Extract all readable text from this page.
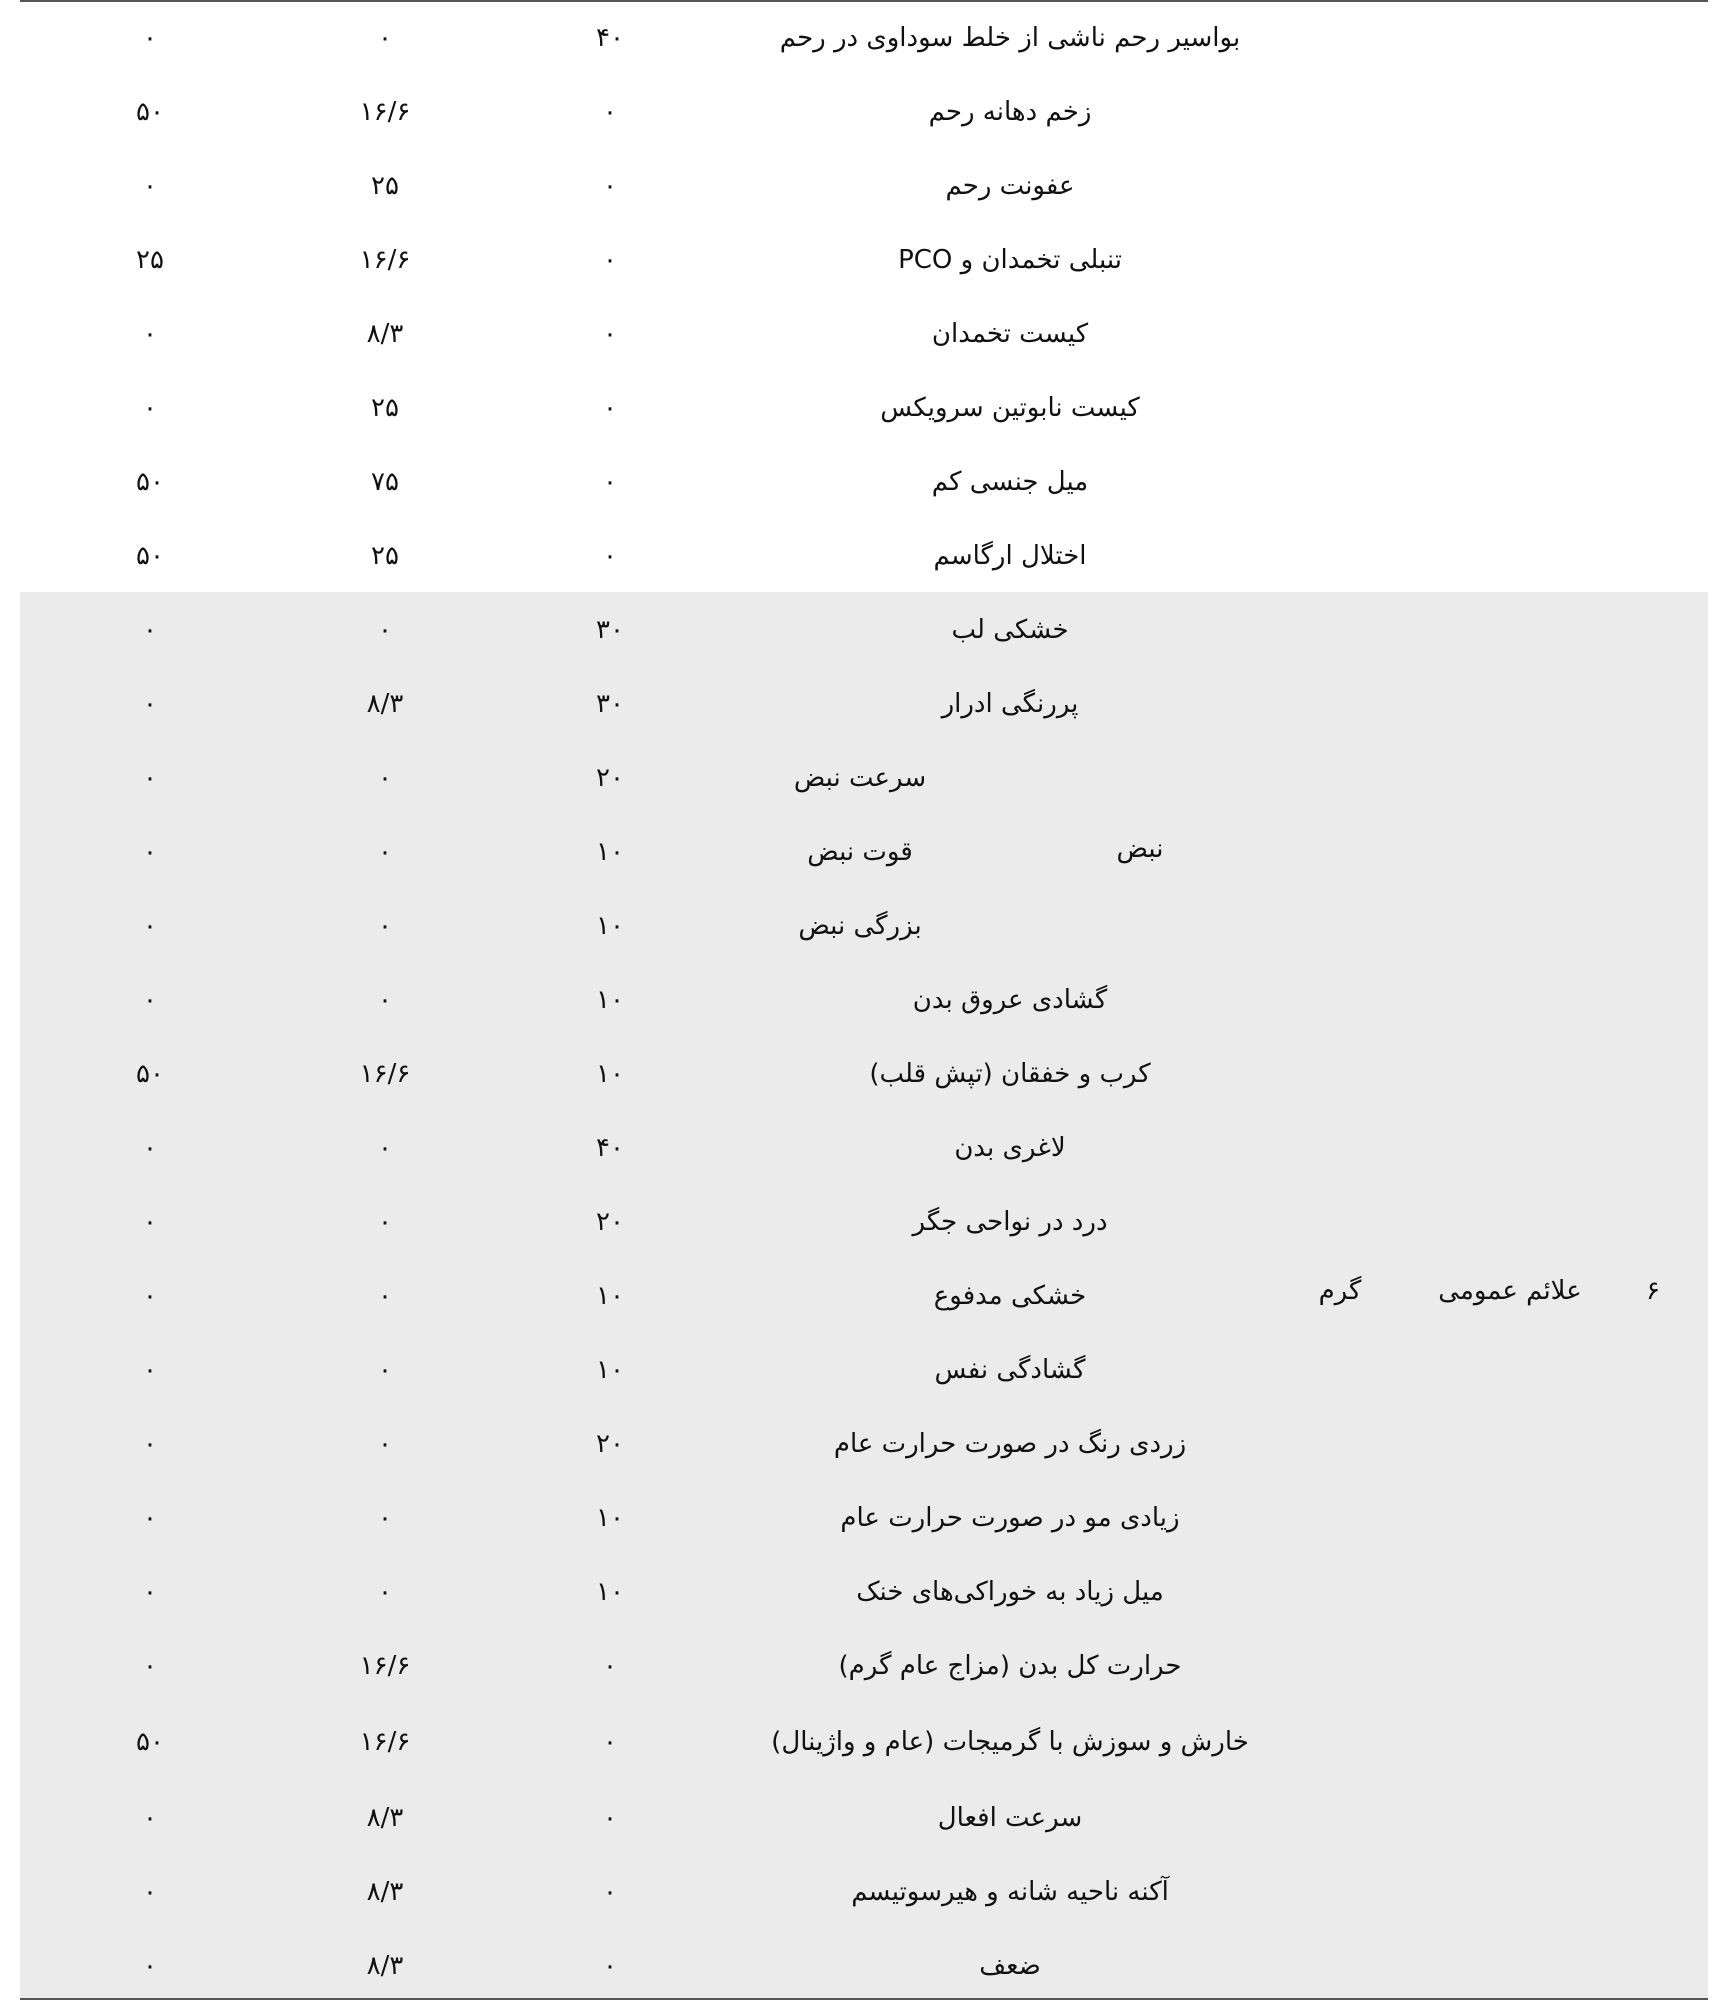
بواسیر رحم ناشی از خلط سوداوی در رحم
۴۰
۰
۰
زخم دهانه رحم
۰
۱۶/۶
۵۰
عفونت رحم
۰
۲۵
۰
تنبلی تخمدان و PCO
۰
۱۶/۶
۲۵
کیست تخمدان
۰
۸/۳
۰
کیست نابوتین سرویکس
۰
۲۵
۰
میل جنسی کم
۰
۷۵
۵۰
اختلال ارگاسم
۰
۲۵
۵۰
خشکی لب
۳۰
۰
۰
پررنگی ادرار
۳۰
۸/۳
۰
سرعت نبض
۲۰
۰
۰
قوت نبض
۱۰
۰
۰
بزرگی نبض
۱۰
۰
۰
گشادی عروق بدن
۱۰
۰
۰
کرب و خفقان (تپش قلب)
۱۰
۱۶/۶
۵۰
لاغری بدن
۴۰
۰
۰
درد در نواحی جگر
۲۰
۰
۰
خشکی مدفوع
۱۰
۰
۰
گشادگی نفس
۱۰
۰
۰
زردی رنگ در صورت حرارت عام
۲۰
۰
۰
زیادی مو در صورت حرارت عام
۱۰
۰
۰
میل زیاد به خوراکی‌های خنک
۱۰
۰
۰
حرارت کل بدن (مزاج عام گرم)
۰
۱۶/۶
۰
خارش و سوزش با گرمیجات (عام و واژینال)
۰
۱۶/۶
۵۰
سرعت افعال
۰
۸/۳
۰
آکنه ناحیه شانه و هیرسوتیسم
۰
۸/۳
۰
ضعف
۰
۸/۳
۰
۶
علائم عمومی
گرم
نبض
